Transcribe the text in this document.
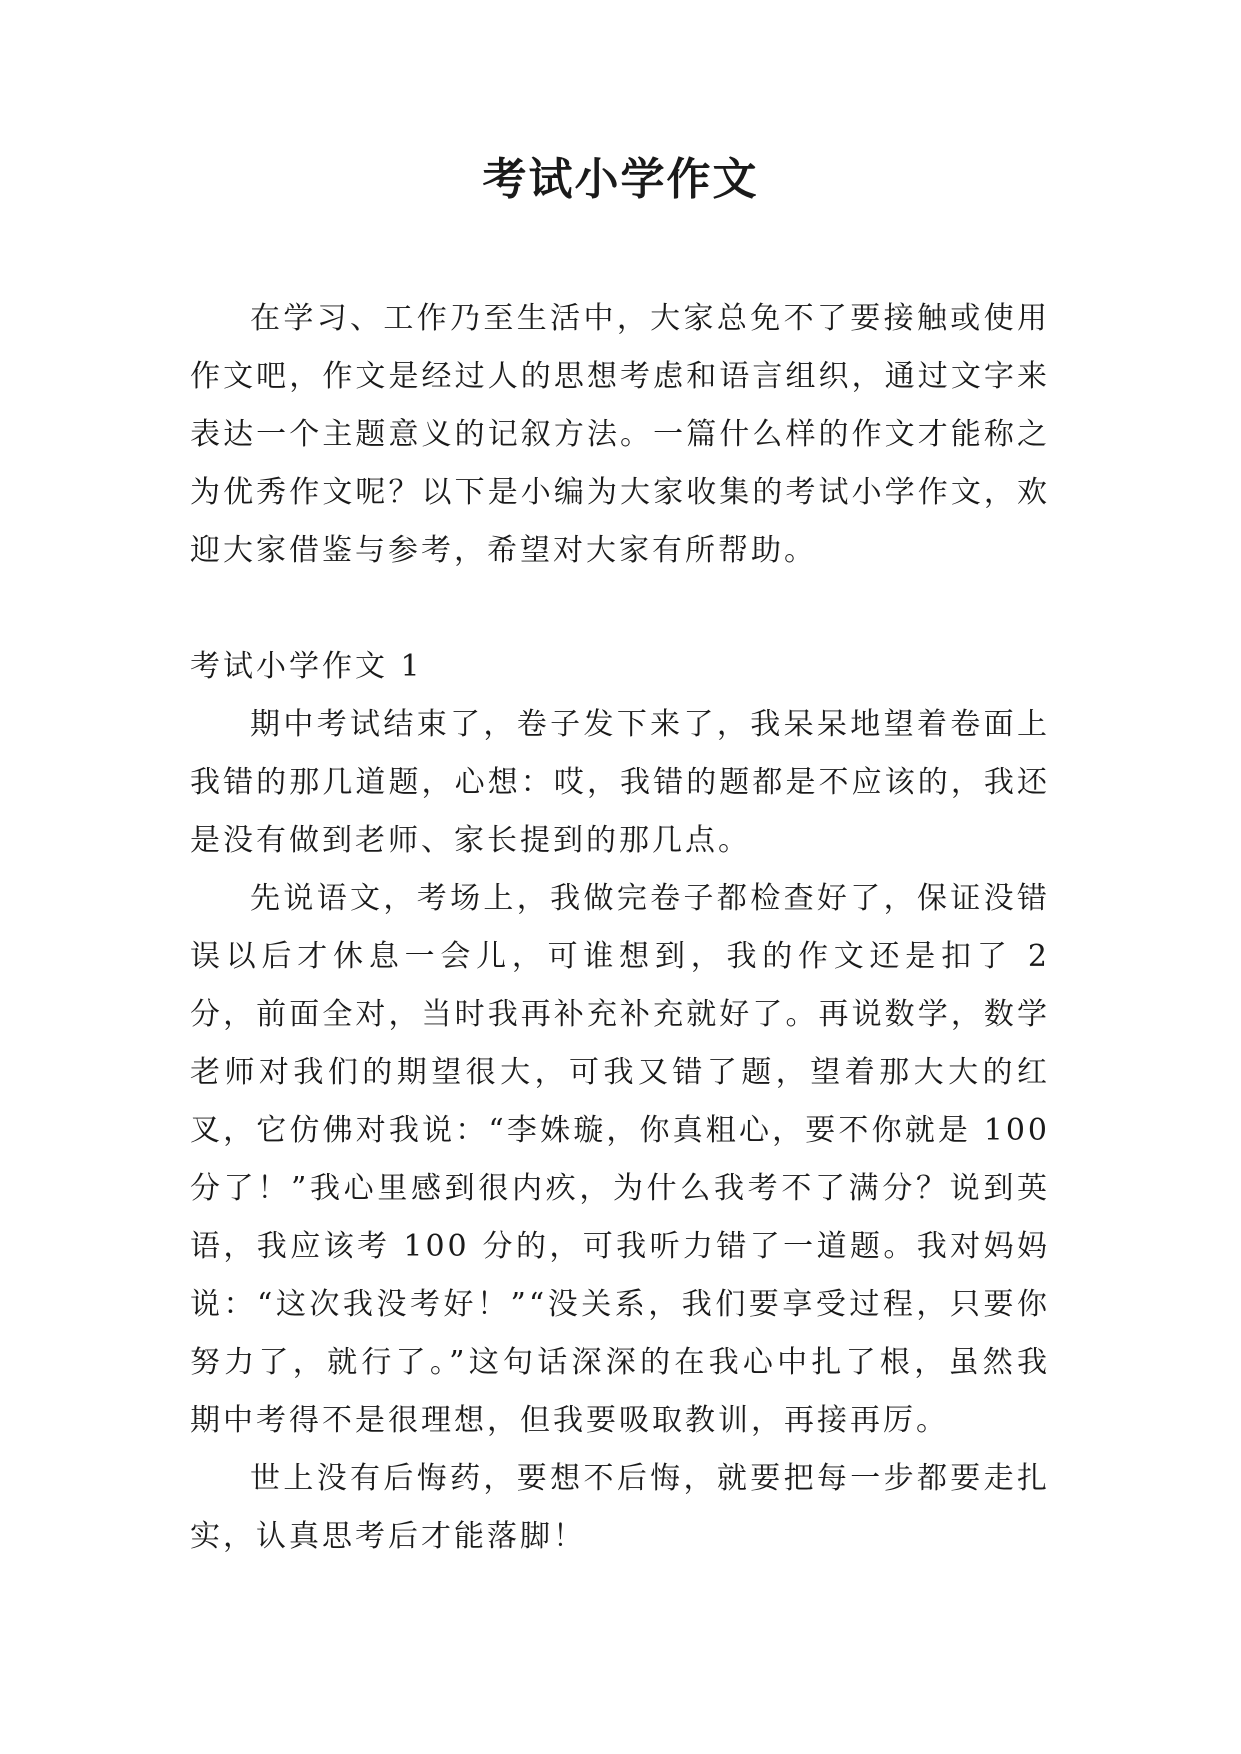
考试小学作文

在学习、工作乃至生活中，大家总免不了要接触或使用作文吧，作文是经过人的思想考虑和语言组织，通过文字来表达一个主题意义的记叙方法。一篇什么样的作文才能称之为优秀作文呢？以下是小编为大家收集的考试小学作文，欢迎大家借鉴与参考，希望对大家有所帮助。

考试小学作文 1

期中考试结束了，卷子发下来了，我呆呆地望着卷面上我错的那几道题，心想：哎，我错的题都是不应该的，我还是没有做到老师、家长提到的那几点。

先说语文，考场上，我做完卷子都检查好了，保证没错误以后才休息一会儿，可谁想到，我的作文还是扣了 2 分，前面全对，当时我再补充补充就好了。再说数学，数学老师对我们的期望很大，可我又错了题，望着那大大的红叉，它仿佛对我说：“李姝璇，你真粗心，要不你就是 100 分了！”我心里感到很内疚，为什么我考不了满分？说到英语，我应该考 100 分的，可我听力错了一道题。我对妈妈说：“这次我没考好！”“没关系，我们要享受过程，只要你努力了，就行了。”这句话深深的在我心中扎了根，虽然我期中考得不是很理想，但我要吸取教训，再接再厉。

世上没有后悔药，要想不后悔，就要把每一步都要走扎实，认真思考后才能落脚！
